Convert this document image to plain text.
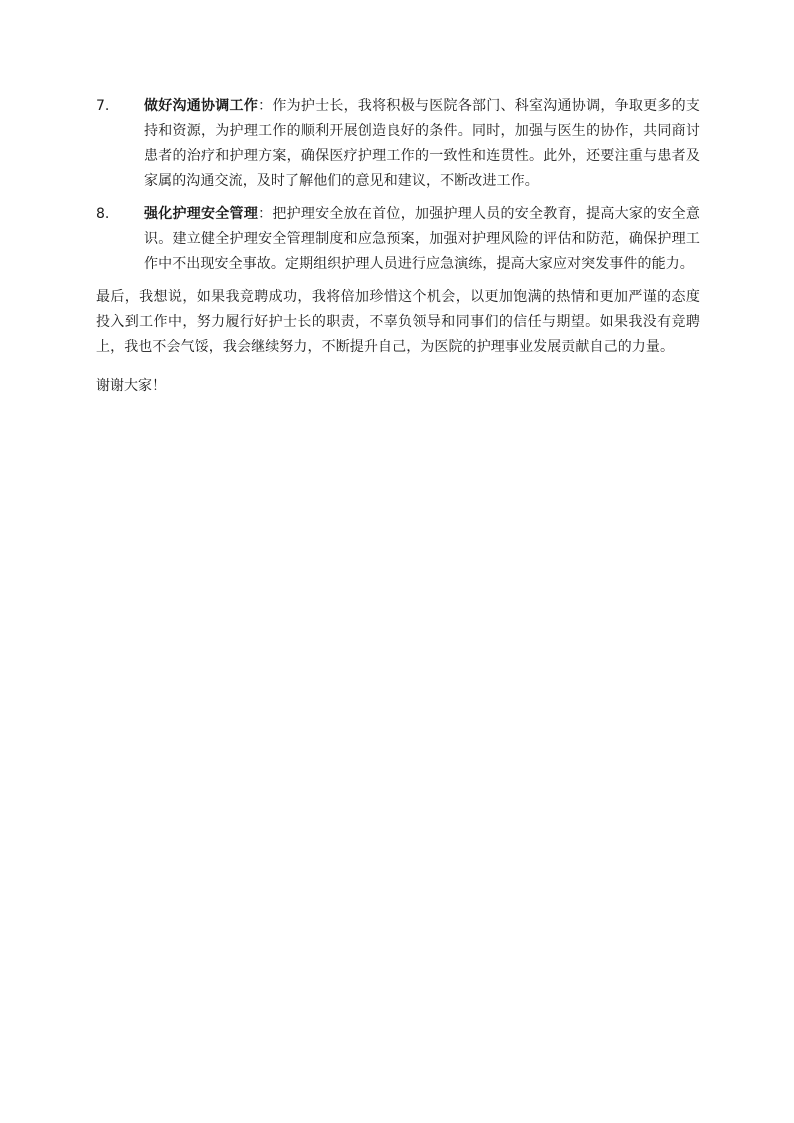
7.	做好沟通协调工作：作为护士长，我将积极与医院各部门、科室沟通协调，争取更多的支持和资源，为护理工作的顺利开展创造良好的条件。同时，加强与医生的协作，共同商讨患者的治疗和护理方案，确保医疗护理工作的一致性和连贯性。此外，还要注重与患者及家属的沟通交流，及时了解他们的意见和建议，不断改进工作。
8.	强化护理安全管理：把护理安全放在首位，加强护理人员的安全教育，提高大家的安全意识。建立健全护理安全管理制度和应急预案，加强对护理风险的评估和防范，确保护理工作中不出现安全事故。定期组织护理人员进行应急演练，提高大家应对突发事件的能力。

最后，我想说，如果我竞聘成功，我将倍加珍惜这个机会，以更加饱满的热情和更加严谨的态度投入到工作中，努力履行好护士长的职责，不辜负领导和同事们的信任与期望。如果我没有竞聘上，我也不会气馁，我会继续努力，不断提升自己，为医院的护理事业发展贡献自己的力量。

谢谢大家！
